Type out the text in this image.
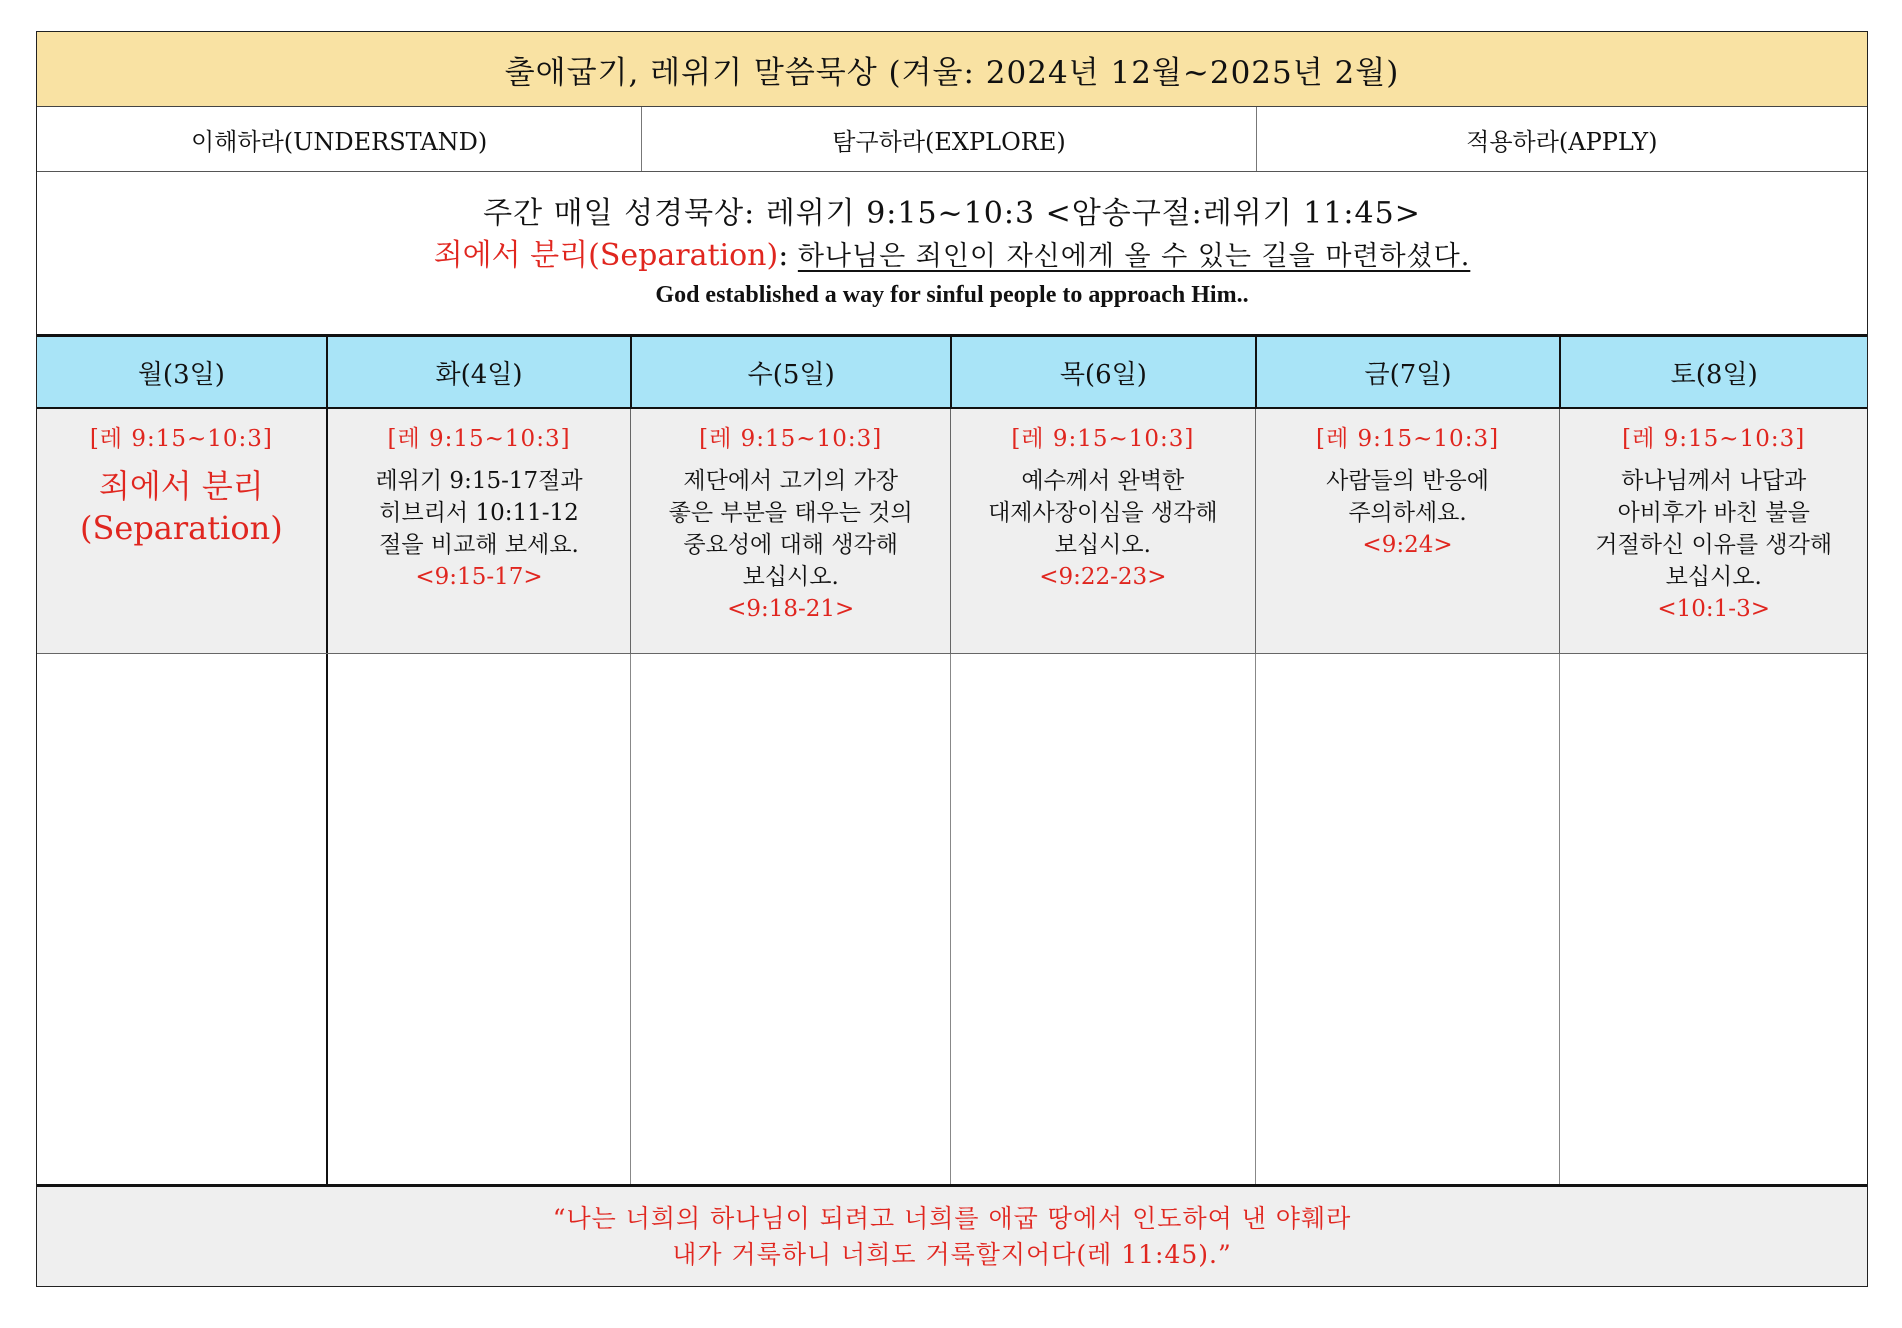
출애굽기, 레위기 말씀묵상 (겨울: 2024년 12월~2025년 2월)
이해하라(UNDERSTAND)	탐구하라(EXPLORE)	적용하라(APPLY)
주간 매일 성경묵상: 레위기 9:15~10:3 <암송구절:레위기 11:45>
죄에서 분리(Separation): 하나님은 죄인이 자신에게 올 수 있는 길을 마련하셨다.
God established a way for sinful people to approach Him..
월(3일)	화(4일)	수(5일)	목(6일)	금(7일)	토(8일)
[레 9:15~10:3]
죄에서 분리
(Separation)
[레 9:15~10:3]
레위기 9:15-17절과
히브리서 10:11-12
절을 비교해 보세요.
<9:15-17>
[레 9:15~10:3]
제단에서 고기의 가장
좋은 부분을 태우는 것의
중요성에 대해 생각해
보십시오.
<9:18-21>
[레 9:15~10:3]
예수께서 완벽한
대제사장이심을 생각해
보십시오.
<9:22-23>
[레 9:15~10:3]
사람들의 반응에
주의하세요.
<9:24>
[레 9:15~10:3]
하나님께서 나답과
아비후가 바친 불을
거절하신 이유를 생각해
보십시오.
<10:1-3>
“나는 너희의 하나님이 되려고 너희를 애굽 땅에서 인도하여 낸 야훼라
내가 거룩하니 너희도 거룩할지어다(레 11:45).”
